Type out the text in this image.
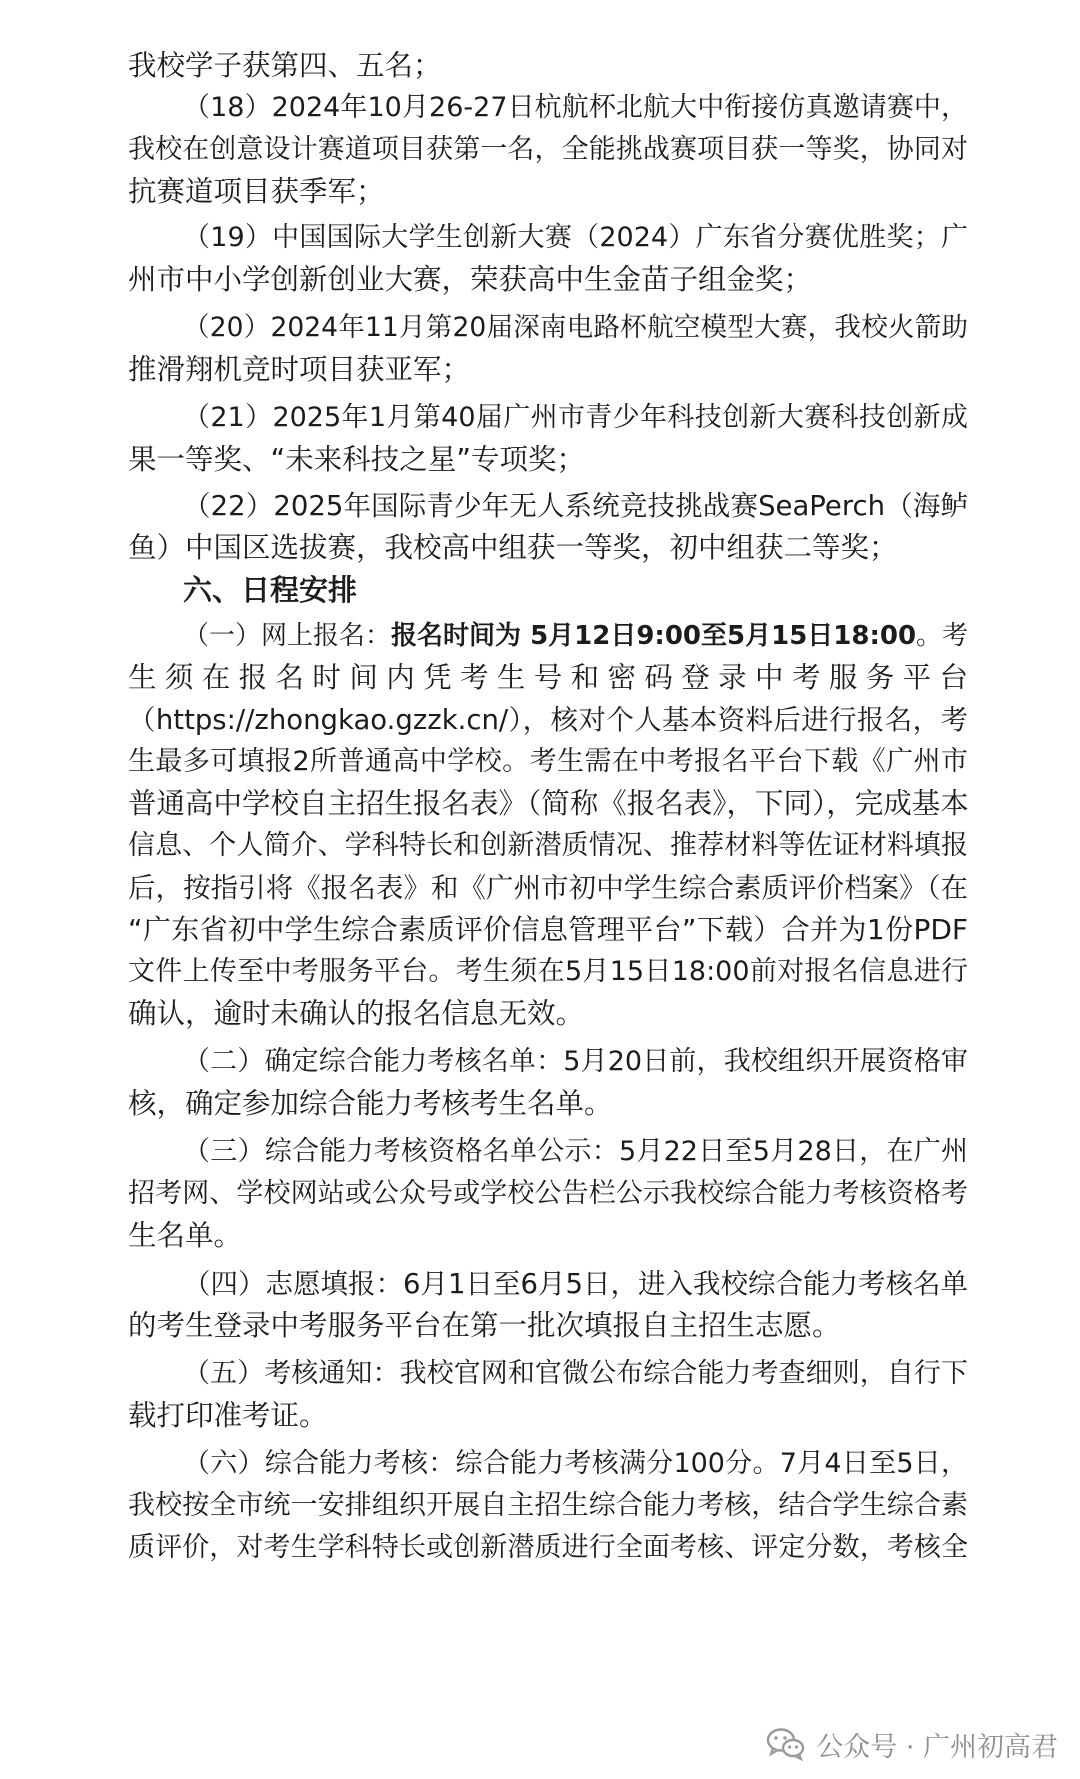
我校学子获第四、五名；
（18）2024年10月26-27日杭航杯北航大中衔接仿真邀请赛中，
我校在创意设计赛道项目获第一名，全能挑战赛项目获一等奖，协同对
抗赛道项目获季军；
（19）中国国际大学生创新大赛（2024）广东省分赛优胜奖；广
州市中小学创新创业大赛，荣获高中生金苗子组金奖；
（20）2024年11月第20届深南电路杯航空模型大赛，我校火箭助
推滑翔机竞时项目获亚军；
（21）2025年1月第40届广州市青少年科技创新大赛科技创新成
果一等奖、“未来科技之星”专项奖；
（22）2025年国际青少年无人系统竞技挑战赛SeaPerch（海鲈
鱼）中国区选拔赛，我校高中组获一等奖，初中组获二等奖；
六、日程安排
（一）网上报名：报名时间为 5月12日9:00至5月15日18:00。考
生须在报名时间内凭考生号和密码登录中考服务平台
（https://zhongkao.gzzk.cn/），核对个人基本资料后进行报名，考
生最多可填报2所普通高中学校。考生需在中考报名平台下载《广州市
普通高中学校自主招生报名表》（简称《报名表》，下同），完成基本
信息、个人简介、学科特长和创新潜质情况、推荐材料等佐证材料填报
后，按指引将《报名表》和《广州市初中学生综合素质评价档案》（在
“广东省初中学生综合素质评价信息管理平台”下载）合并为1份PDF
文件上传至中考服务平台。考生须在5月15日18:00前对报名信息进行
确认，逾时未确认的报名信息无效。
（二）确定综合能力考核名单：5月20日前，我校组织开展资格审
核，确定参加综合能力考核考生名单。
（三）综合能力考核资格名单公示：5月22日至5月28日，在广州
招考网、学校网站或公众号或学校公告栏公示我校综合能力考核资格考
生名单。
（四）志愿填报：6月1日至6月5日，进入我校综合能力考核名单
的考生登录中考服务平台在第一批次填报自主招生志愿。
（五）考核通知：我校官网和官微公布综合能力考查细则，自行下
载打印准考证。
（六）综合能力考核：综合能力考核满分100分。7月4日至5日，
我校按全市统一安排组织开展自主招生综合能力考核，结合学生综合素
质评价，对考生学科特长或创新潜质进行全面考核、评定分数，考核全
公众号 · 广州初高君
